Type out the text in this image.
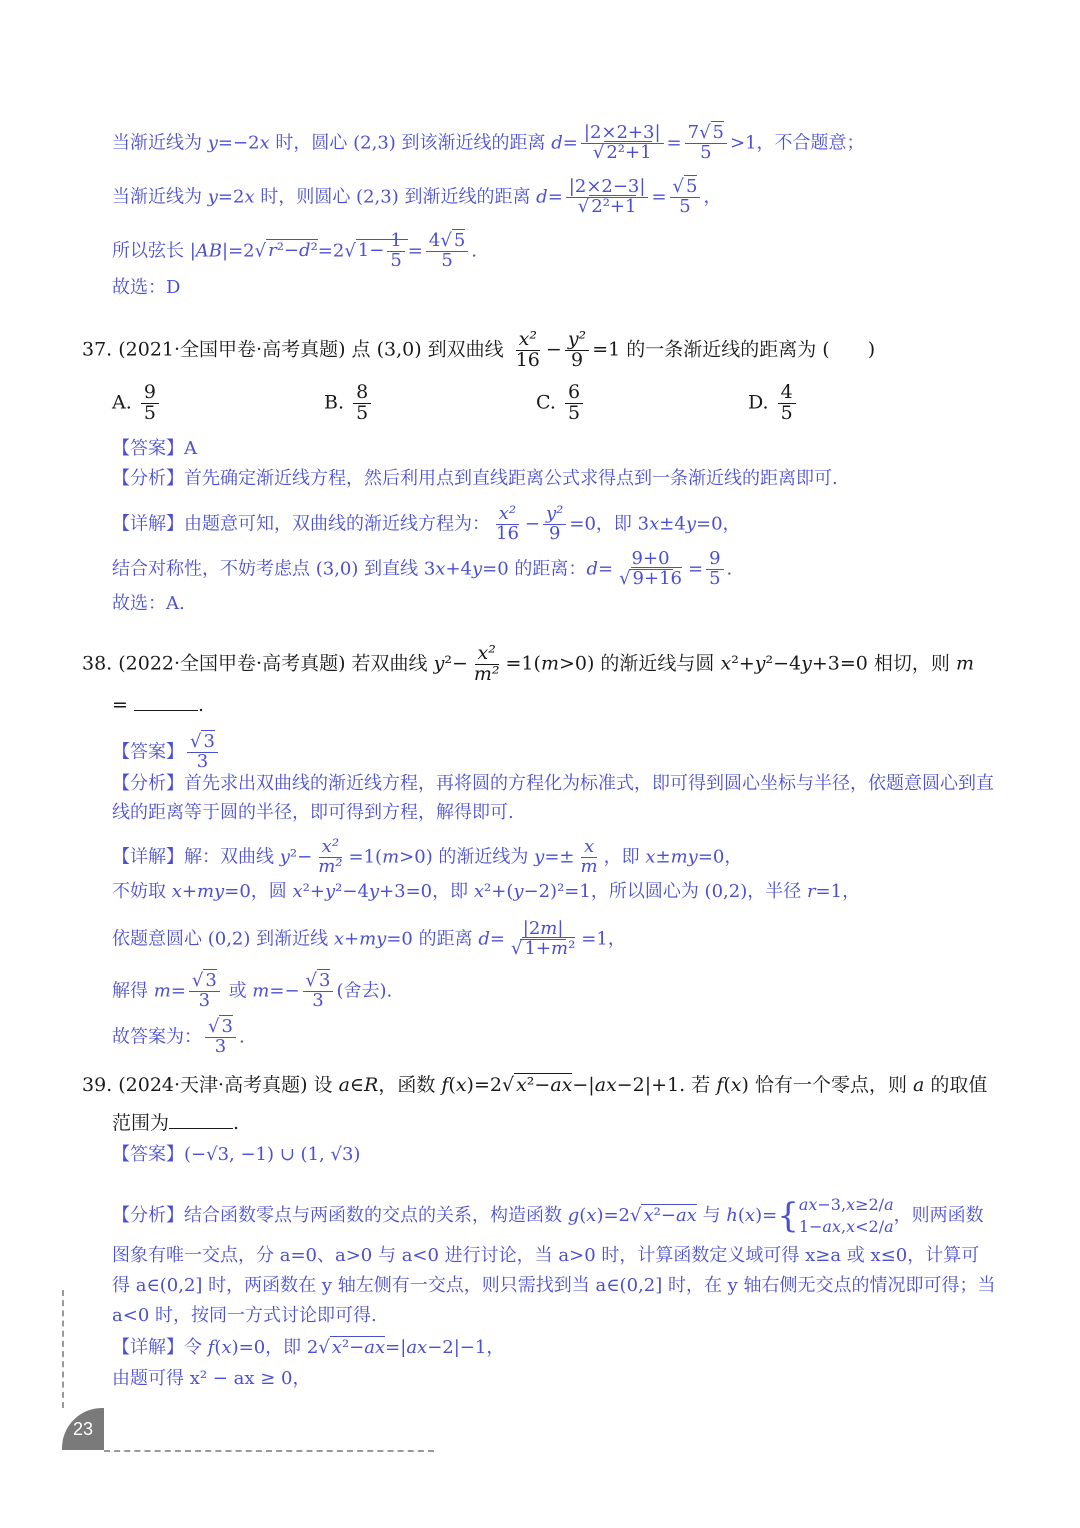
当渐近线为 y=−2x 时，圆心 (2,3) 到该渐近线的距离 $d= \frac{|2\times 2+3|}{\text{√ 2²+1}} = \frac{7√ 5}{5} >1$，不合题意；
当渐近线为 y=2x 时，则圆心 (2,3) 到渐近线的距离 $d= \frac{|2\times 2-3|}{\text{√ 2²+1}} = \frac{√ 5}{5}$ ，
所以弦长 |AB|=2√ r²−d²=2√ $1- \frac{1}{5} = \frac{4√ 5}{5}$ .
故选：D
37. (2021·全国甲卷·高考真题) 点 (3,0) 到双曲线 $\frac{\text{x²}}{16} - \frac{\text{y²}}{9} =1$ 的一条渐近线的距离为 (　　)
A. $\frac{9}{5}$	B. $\frac{8}{5}$	C. $\frac{6}{5}$	D. $\frac{4}{5}$
【答案】A
【分析】首先确定渐近线方程，然后利用点到直线距离公式求得点到一条渐近线的距离即可.
【详解】由题意可知，双曲线的渐近线方程为： $\frac{\text{x²}}{16} - \frac{\text{y²}}{9} =0$，即 3x±4y=0，
结合对称性，不妨考虑点 (3,0) 到直线 3x+4y=0 的距离：$d= \frac{9+0}{√ 9+16} = \frac{9}{5}$ .
故选：A.
38. (2022·全国甲卷·高考真题) 若双曲线 $y^2- \frac{\text{x²}}{\text{m²}} =1(m>0)$ 的渐近线与圆 x²+y²−4y+3=0 相切，则 m
=	.
【答案】 $\frac{√ 3}{3}$
【分析】首先求出双曲线的渐近线方程，再将圆的方程化为标准式，即可得到圆心坐标与半径，依题意圆心到直
线的距离等于圆的半径，即可得到方程，解得即可.
【详解】解：双曲线 $y^2- \frac{\text{x²}}{\text{m²}} =1(m>0)$ 的渐近线为 $y=\pm \frac{x}{m}$ ，即 x±my=0，
不妨取 x+my=0，圆 x²+y²−4y+3=0，即 x²+(y−2)²=1，所以圆心为 (0,2)，半径 r=1，
依题意圆心 (0,2) 到渐近线 x+my=0 的距离 $d= \frac{|2m|}{\text{√ 1+m²}} =1$，
解得 $m= \frac{√ 3}{3}$ 或 $m=- \frac{√ 3}{3}$ (舍去).
故答案为： $\frac{√ 3}{3}$ .
39. (2024·天津·高考真题) 设 a∈R，函数 f(x)=2√ x²−ax−|ax−2|+1. 若 f(x) 恰有一个零点，则 a 的取值
范围为	.
【答案】(−√3, −1) ∪ (1, √3)
【分析】结合函数零点与两函数的交点的关系，构造函数 g(x)=2√ x²−ax 与 h(x)={ ax−3,x≥2/a
1−ax,x<2/a
，则两函数
图象有唯一交点，分 a=0、a>0 与 a<0 进行讨论，当 a>0 时，计算函数定义域可得 x≥a 或 x≤0，计算可
得 a∈(0,2] 时，两函数在 y 轴左侧有一交点，则只需找到当 a∈(0,2] 时，在 y 轴右侧无交点的情况即可得；当
a<0 时，按同一方式讨论即可得.
【详解】令 f(x)=0，即 2√ x²−ax=|ax−2|−1，
由题可得 x² − ax ≥ 0，
23
